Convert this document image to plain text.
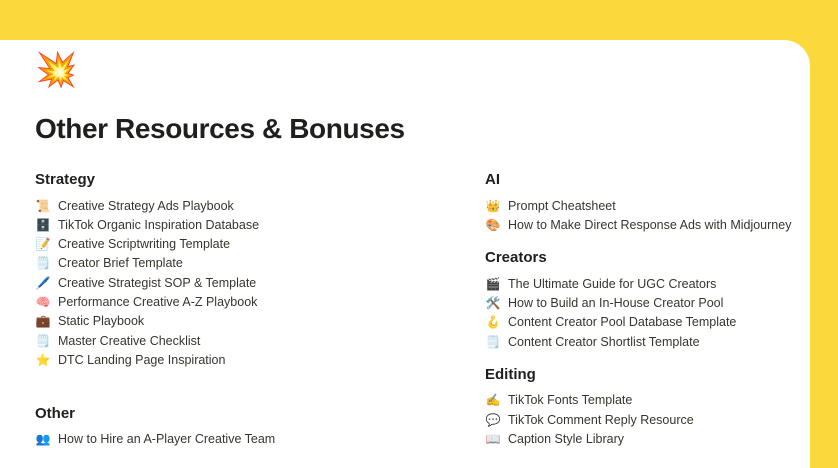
💥
Other Resources & Bonuses
Strategy
📜 Creative Strategy Ads Playbook
🗄️ TikTok Organic Inspiration Database
📝 Creative Scriptwriting Template
🗒️ Creator Brief Template
🖊️ Creative Strategist SOP & Template
🧠 Performance Creative A-Z Playbook
💼 Static Playbook
🗒️ Master Creative Checklist
⭐ DTC Landing Page Inspiration
Other
👥 How to Hire an A-Player Creative Team
AI
👑 Prompt Cheatsheet
🎨 How to Make Direct Response Ads with Midjourney
Creators
🎬 The Ultimate Guide for UGC Creators
🛠️ How to Build an In-House Creator Pool
🪝 Content Creator Pool Database Template
🗒️ Content Creator Shortlist Template
Editing
✍️ TikTok Fonts Template
💬 TikTok Comment Reply Resource
📖 Caption Style Library
